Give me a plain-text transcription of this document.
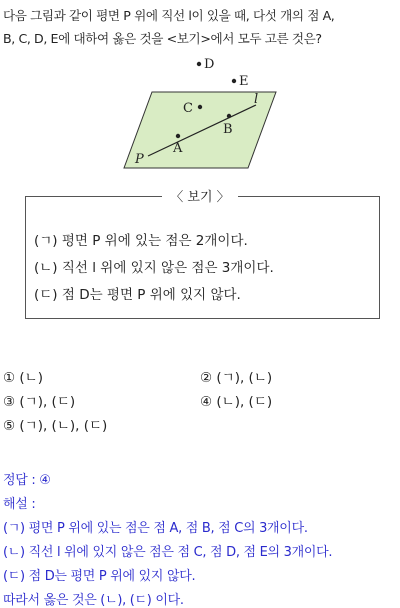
다음 그림과 같이 평면 P 위에 직선 l이 있을 때, 다섯 개의 점 A,
B, C, D, E에 대하여 옳은 것을 <보기>에서 모두 고른 것은?
D
E
C
B
A
l
P
(ㄱ) 평면 P 위에 있는 점은 2개이다.
(ㄴ) 직선 l 위에 있지 않은 점은 3개이다.
(ㄷ) 점 D는 평면 P 위에 있지 않다.
〈 보기 〉
① (ㄴ)	② (ㄱ), (ㄴ)
③ (ㄱ), (ㄷ)	④ (ㄴ), (ㄷ)
⑤ (ㄱ), (ㄴ), (ㄷ)
정답 : ④
해설 :
(ㄱ) 평면 P 위에 있는 점은 점 A, 점 B, 점 C의 3개이다.
(ㄴ) 직선 l 위에 있지 않은 점은 점 C, 점 D, 점 E의 3개이다.
(ㄷ) 점 D는 평면 P 위에 있지 않다.
따라서 옳은 것은 (ㄴ), (ㄷ) 이다.
